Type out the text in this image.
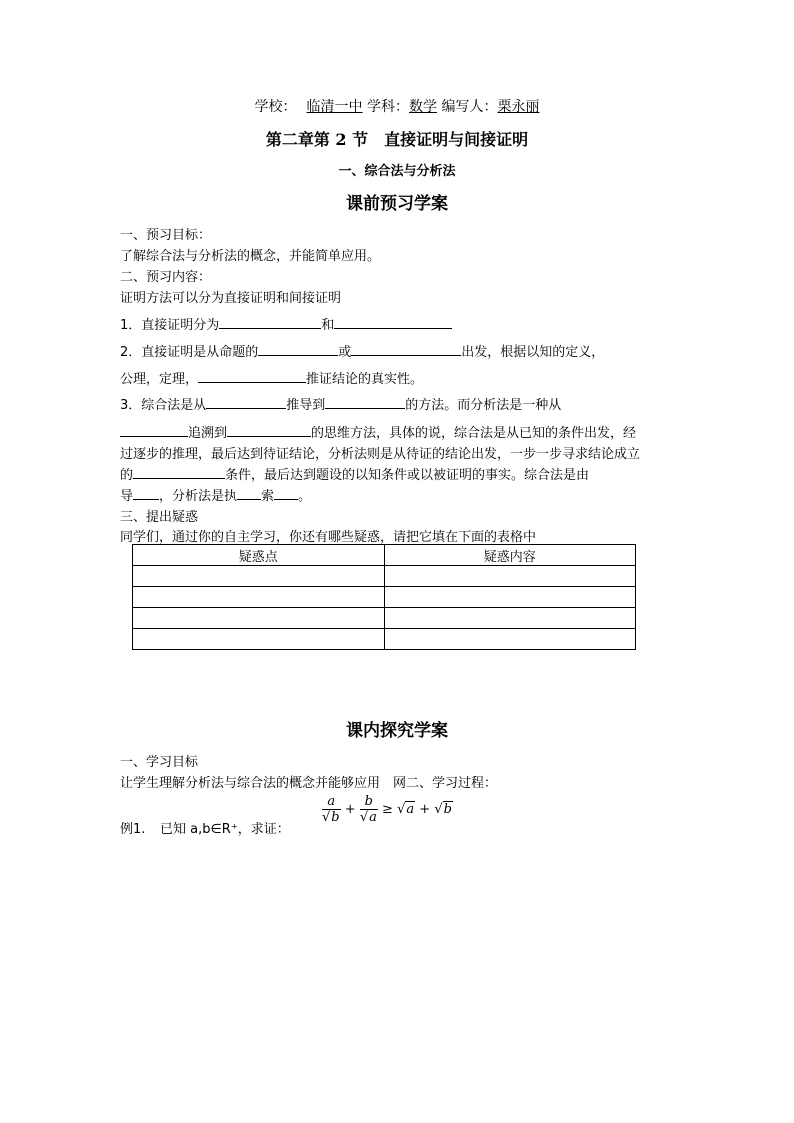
学校： 临清一中 学科：数学 编写人：栗永丽
第二章第 2 节　直接证明与间接证明
一、综合法与分析法
课前预习学案
一、预习目标：
了解综合法与分析法的概念，并能简单应用。
二、预习内容：
证明方法可以分为直接证明和间接证明
1．直接证明分为	和
2．直接证明是从命题的	或	出发，根据以知的定义，
公理，定理，	推证结论的真实性。
3．综合法是从	推导到	的方法。而分析法是一种从
追溯到	的思维方法，具体的说，综合法是从已知的条件出发，经
过逐步的推理，最后达到待证结论，分析法则是从待证的结论出发，一步一步寻求结论成立
的	条件，最后达到题设的以知条件或以被证明的事实。综合法是由
导 ，分析法是执 索 。
三、提出疑惑
同学们，通过你的自主学习，你还有哪些疑惑，请把它填在下面的表格中
疑惑点	疑惑内容

课内探究学案
一、学习目标
让学生理解分析法与综合法的概念并能够应用　网二、学习过程：
例1. 已知 a,b∈R⁺，求证：
$\frac{a}{√b} + \frac{b}{√a} \ge √a + √b$
